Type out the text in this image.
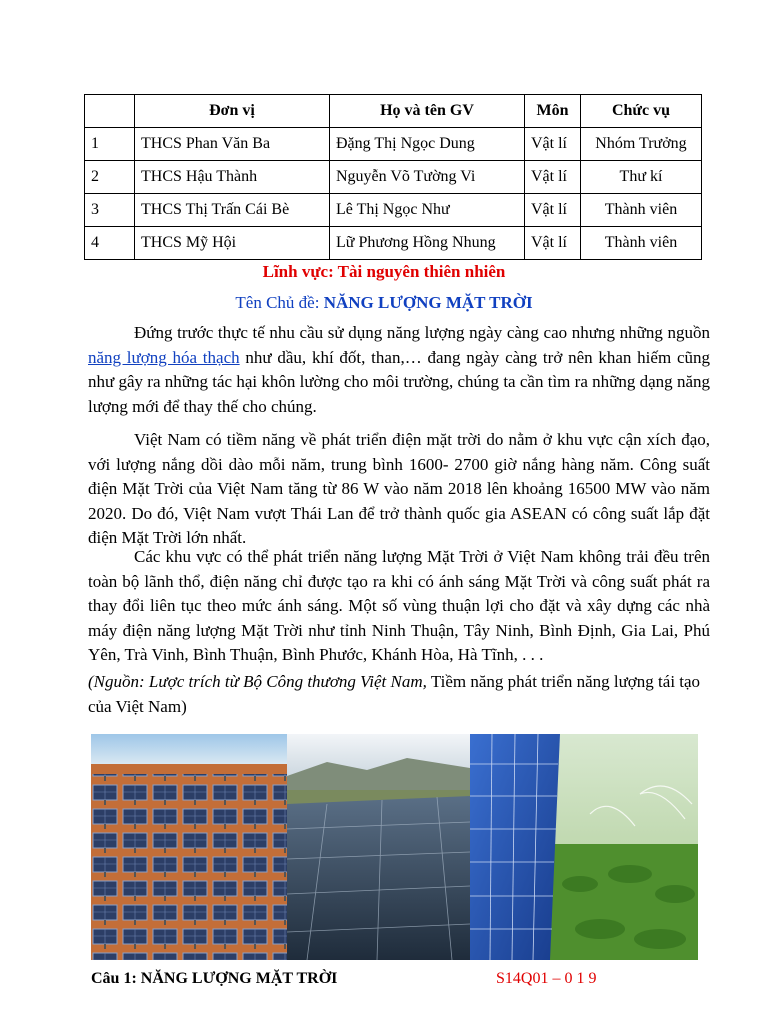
	Đơn vị	Họ và tên GV	Môn	Chức vụ
1	THCS Phan Văn Ba	Đặng Thị Ngọc Dung	Vật lí	Nhóm Trưởng
2	THCS Hậu Thành	Nguyễn Võ Tường Vi	Vật lí	Thư kí
3	THCS Thị Trấn Cái Bè	Lê Thị Ngọc Như	Vật lí	Thành viên
4	THCS Mỹ Hội	Lữ Phương Hồng Nhung	Vật lí	Thành viên
Lĩnh vực: Tài nguyên thiên nhiên
Tên Chủ đề: NĂNG LƯỢNG MẶT TRỜI

Đứng trước thực tế nhu cầu sử dụng năng lượng ngày càng cao nhưng những nguồn năng lượng hóa thạch như dầu, khí đốt, than,… đang ngày càng trở nên khan hiếm cũng như gây ra những tác hại khôn lường cho môi trường, chúng ta cần tìm ra những dạng năng lượng mới để thay thế cho chúng.

Việt Nam có tiềm năng về phát triển điện mặt trời do nằm ở khu vực cận xích đạo, với lượng nắng dồi dào mỗi năm, trung bình 1600- 2700 giờ nắng hàng năm. Công suất điện Mặt Trời của Việt Nam tăng từ 86 W vào năm 2018 lên khoảng 16500 MW vào năm 2020. Do đó, Việt Nam vượt Thái Lan để trở thành quốc gia ASEAN có công suất lắp đặt điện Mặt Trời lớn nhất.

Các khu vực có thể phát triển năng lượng Mặt Trời ở Việt Nam không trải đều trên toàn bộ lãnh thổ, điện năng chỉ được tạo ra khi có ánh sáng Mặt Trời và công suất phát ra thay đổi liên tục theo mức ánh sáng. Một số vùng thuận lợi cho đặt và xây dựng các nhà máy điện năng lượng Mặt Trời như tỉnh Ninh Thuận, Tây Ninh, Bình Định, Gia Lai, Phú Yên, Trà Vinh, Bình Thuận, Bình Phước, Khánh Hòa, Hà Tĩnh, . . .

(Nguồn: Lược trích từ Bộ Công thương Việt Nam, Tiềm năng phát triển năng lượng tái tạo của Việt Nam)

Câu 1: NĂNG LƯỢNG MẶT TRỜI	S14Q01 – 0 1 9
